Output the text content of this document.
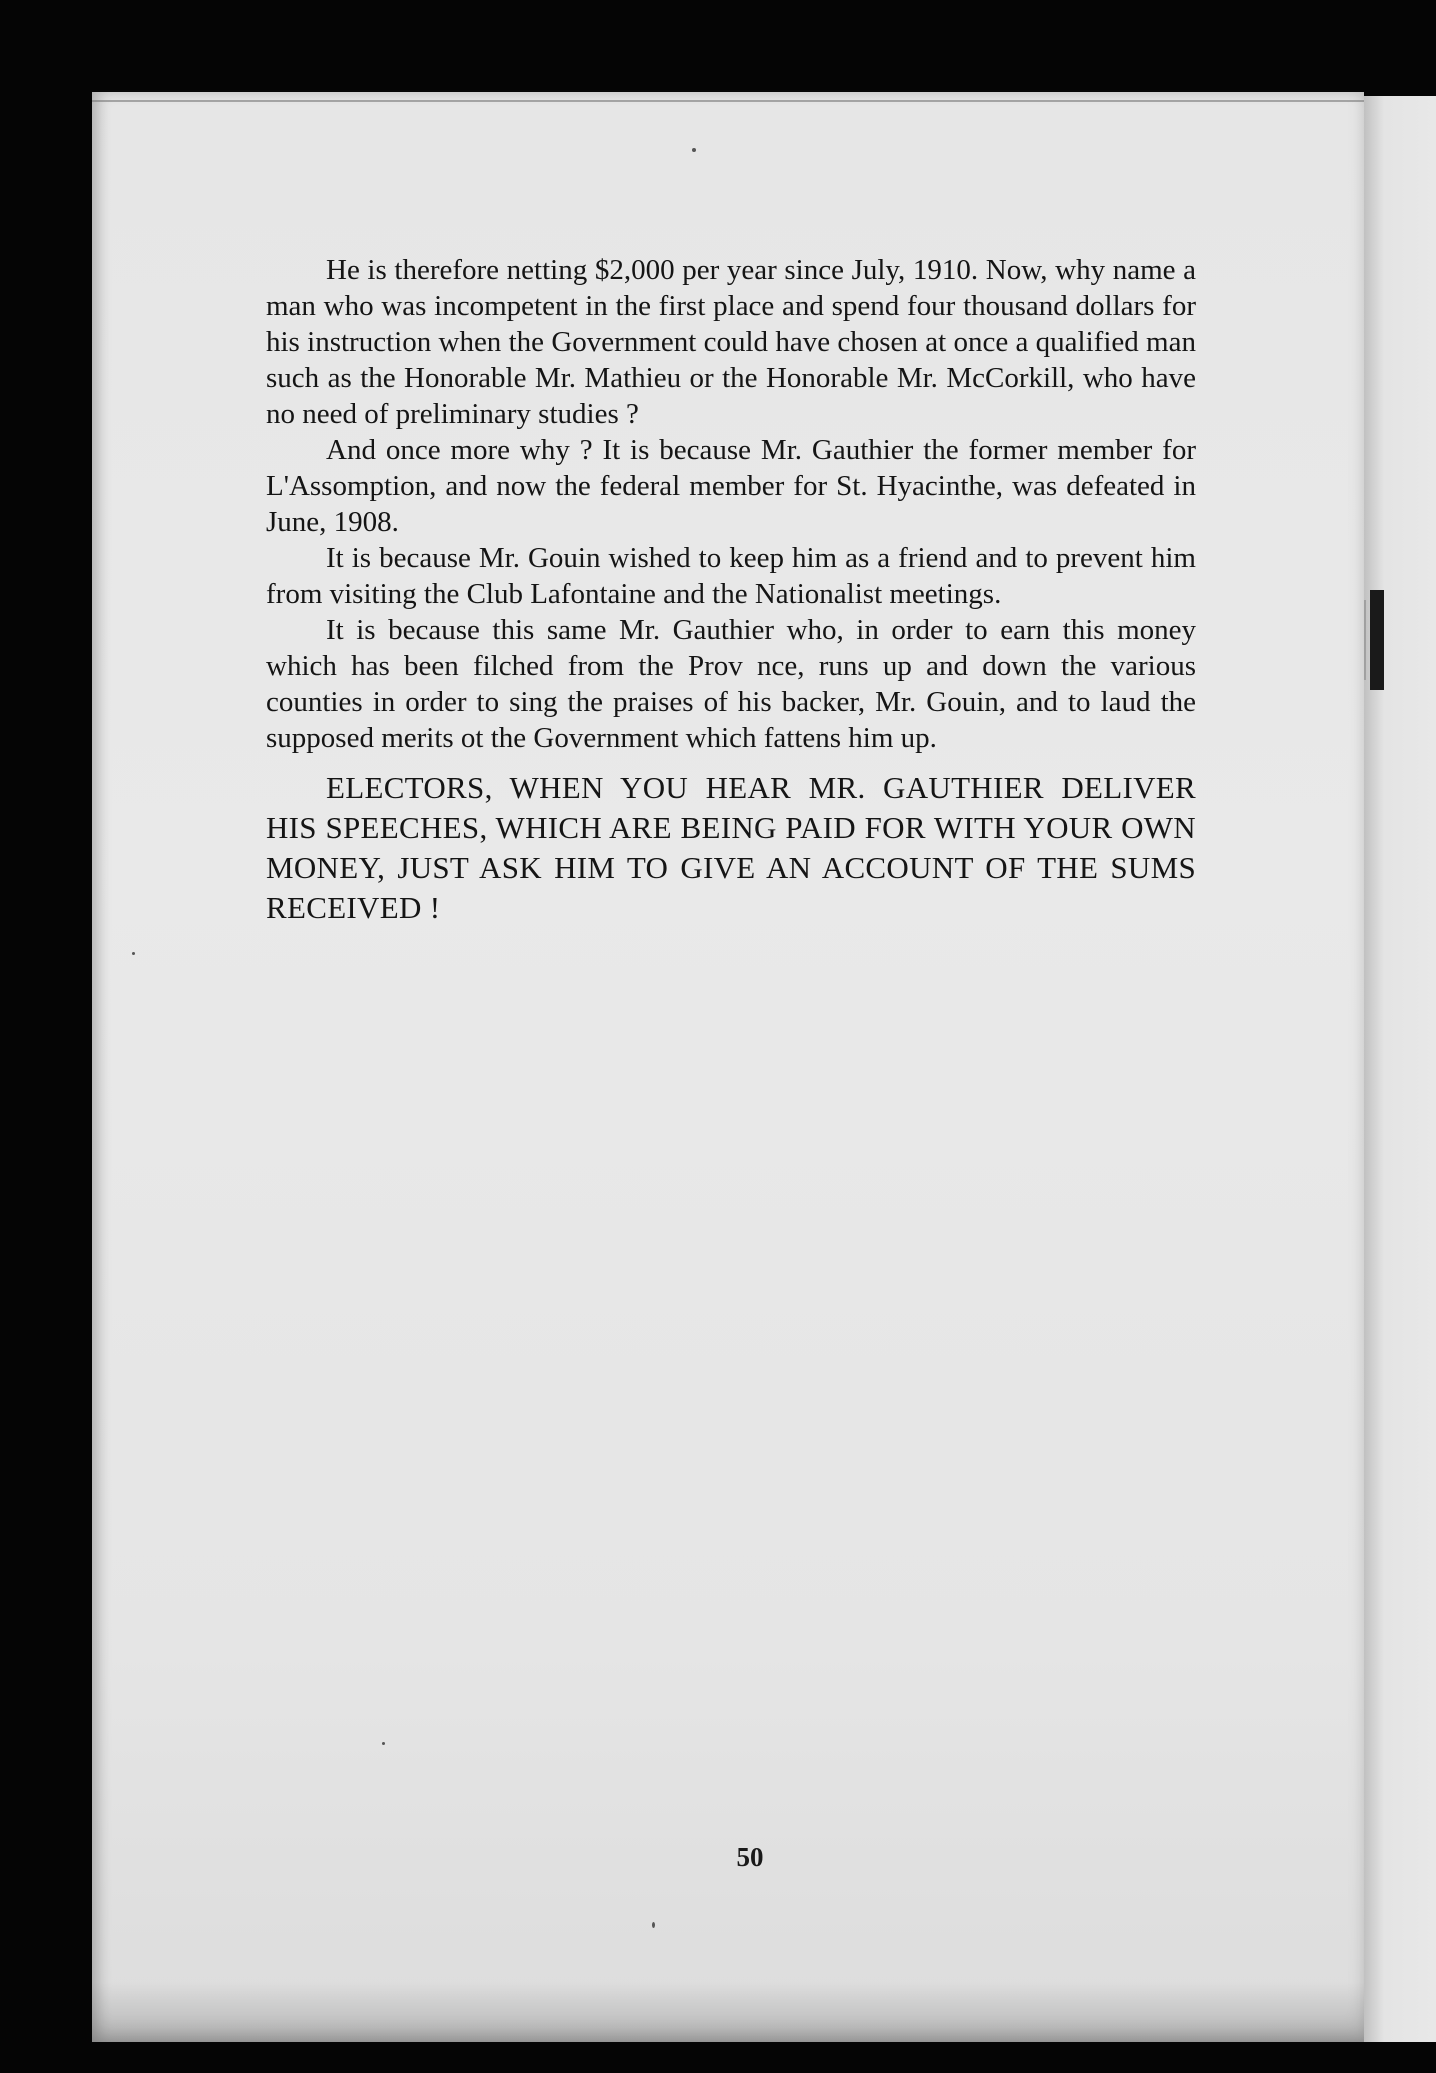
He is therefore netting $2,000 per year since July, 1910. Now, why name a man who was incompetent in the first place and spend four thousand dollars for his instruction when the Government could have chosen at once a qualified man such as the Honorable Mr. Mathieu or the Honorable Mr. McCorkill, who have no need of preliminary studies ?

And once more why ? It is because Mr. Gauthier the former member for L'Assomption, and now the federal member for St. Hyacinthe, was defeated in June, 1908.

It is because Mr. Gouin wished to keep him as a friend and to prevent him from visiting the Club Lafontaine and the Nationalist meetings.

It is because this same Mr. Gauthier who, in order to earn this money which has been filched from the Prov nce, runs up and down the various counties in order to sing the praises of his backer, Mr. Gouin, and to laud the supposed merits ot the Government which fattens him up.

ELECTORS, WHEN YOU HEAR MR. GAUTHIER DELIVER HIS SPEECHES, WHICH ARE BEING PAID FOR WITH YOUR OWN MONEY, JUST ASK HIM TO GIVE AN ACCOUNT OF THE SUMS RECEIVED !

50
